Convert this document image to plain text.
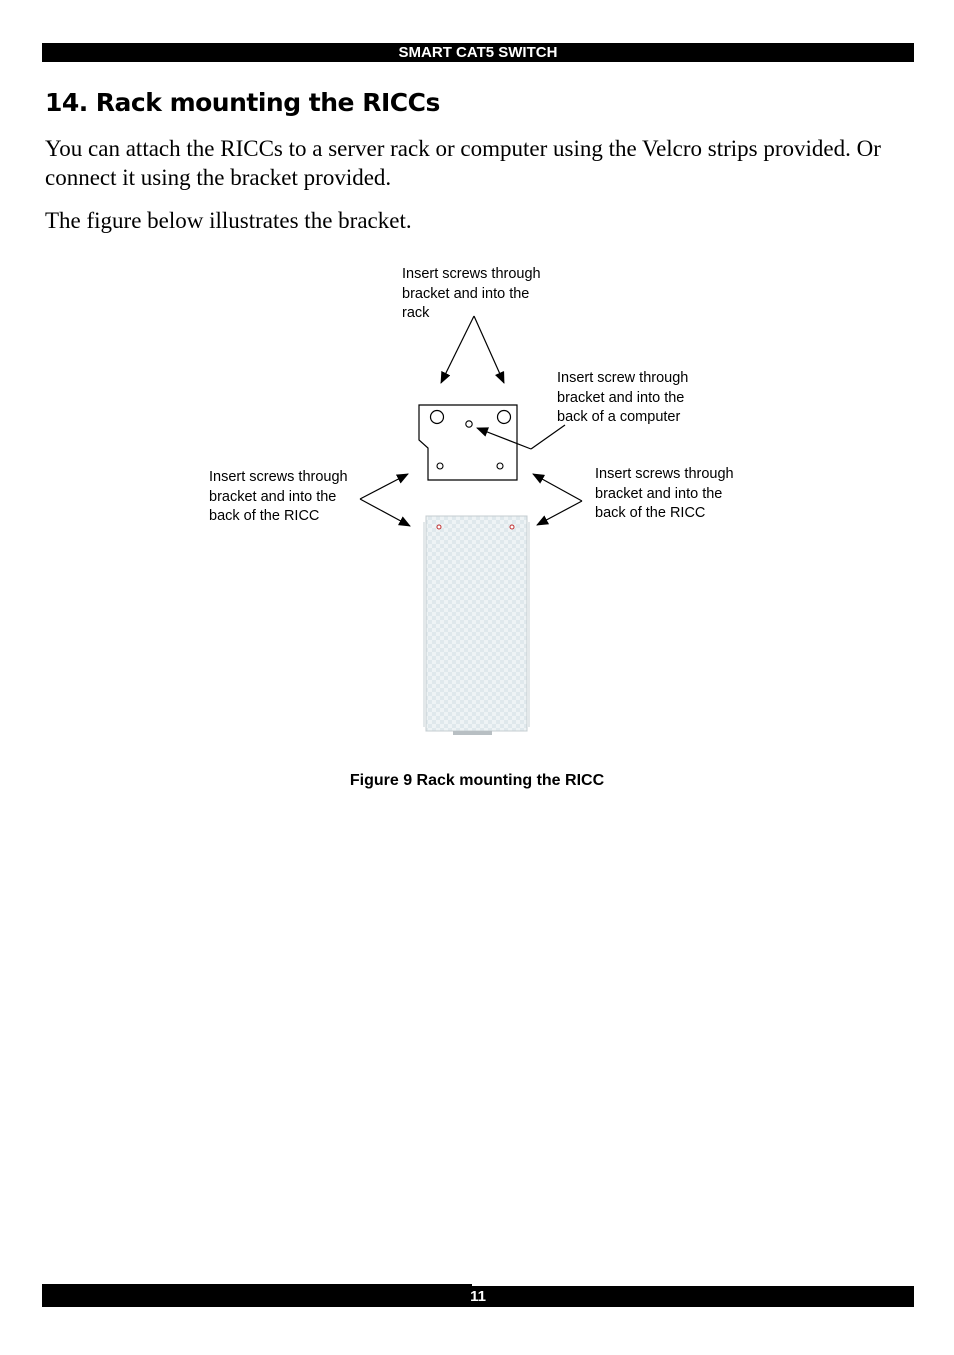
SMART CAT5 SWITCH
14. Rack mounting the RICCs

You can attach the RICCs to a server rack or computer using the Velcro strips provided. Or connect it using the bracket provided.

The figure below illustrates the bracket.

Insert screws through
bracket and into the
rack

Insert screw through
bracket and into the
back of a computer

Insert screws through
bracket and into the
back of the RICC

Insert screws through
bracket and into the
back of the RICC

Figure 9 Rack mounting the RICC
11
